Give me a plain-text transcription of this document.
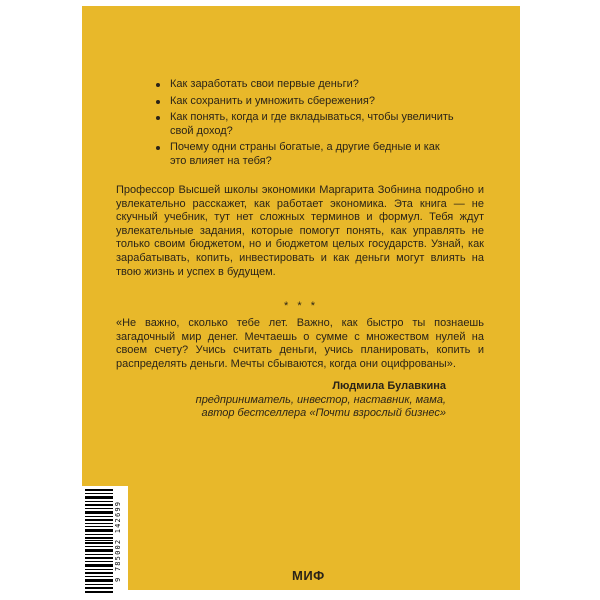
Как заработать свои первые деньги?
Как сохранить и умножить сбережения?
Как понять, когда и где вкладываться, чтобы увеличить свой доход?
Почему одни страны богатые, а другие бедные и как это влияет на тебя?

Профессор Высшей школы экономики Маргарита Зобнина подробно и увлекательно расскажет, как работает экономика. Эта книга — не скучный учебник, тут нет сложных терминов и формул. Тебя ждут увлекательные задания, которые помогут понять, как управлять не только своим бюджетом, но и бюджетом целых государств. Узнай, как зарабатывать, копить, инвестировать и как деньги могут влиять на твою жизнь и успех в будущем.

* * *

«Не важно, сколько тебе лет. Важно, как быстро ты познаешь загадочный мир денег. Мечтаешь о сумме с множеством нулей на своем счету? Учись считать деньги, учись планировать, копить и распределять деньги. Мечты сбываются, когда они оцифрованы».

Людмила Булавкина
предприниматель, инвестор, наставник, мама,
автор бестселлера «Почти взрослый бизнес»
9 785002 142699	МИФ
